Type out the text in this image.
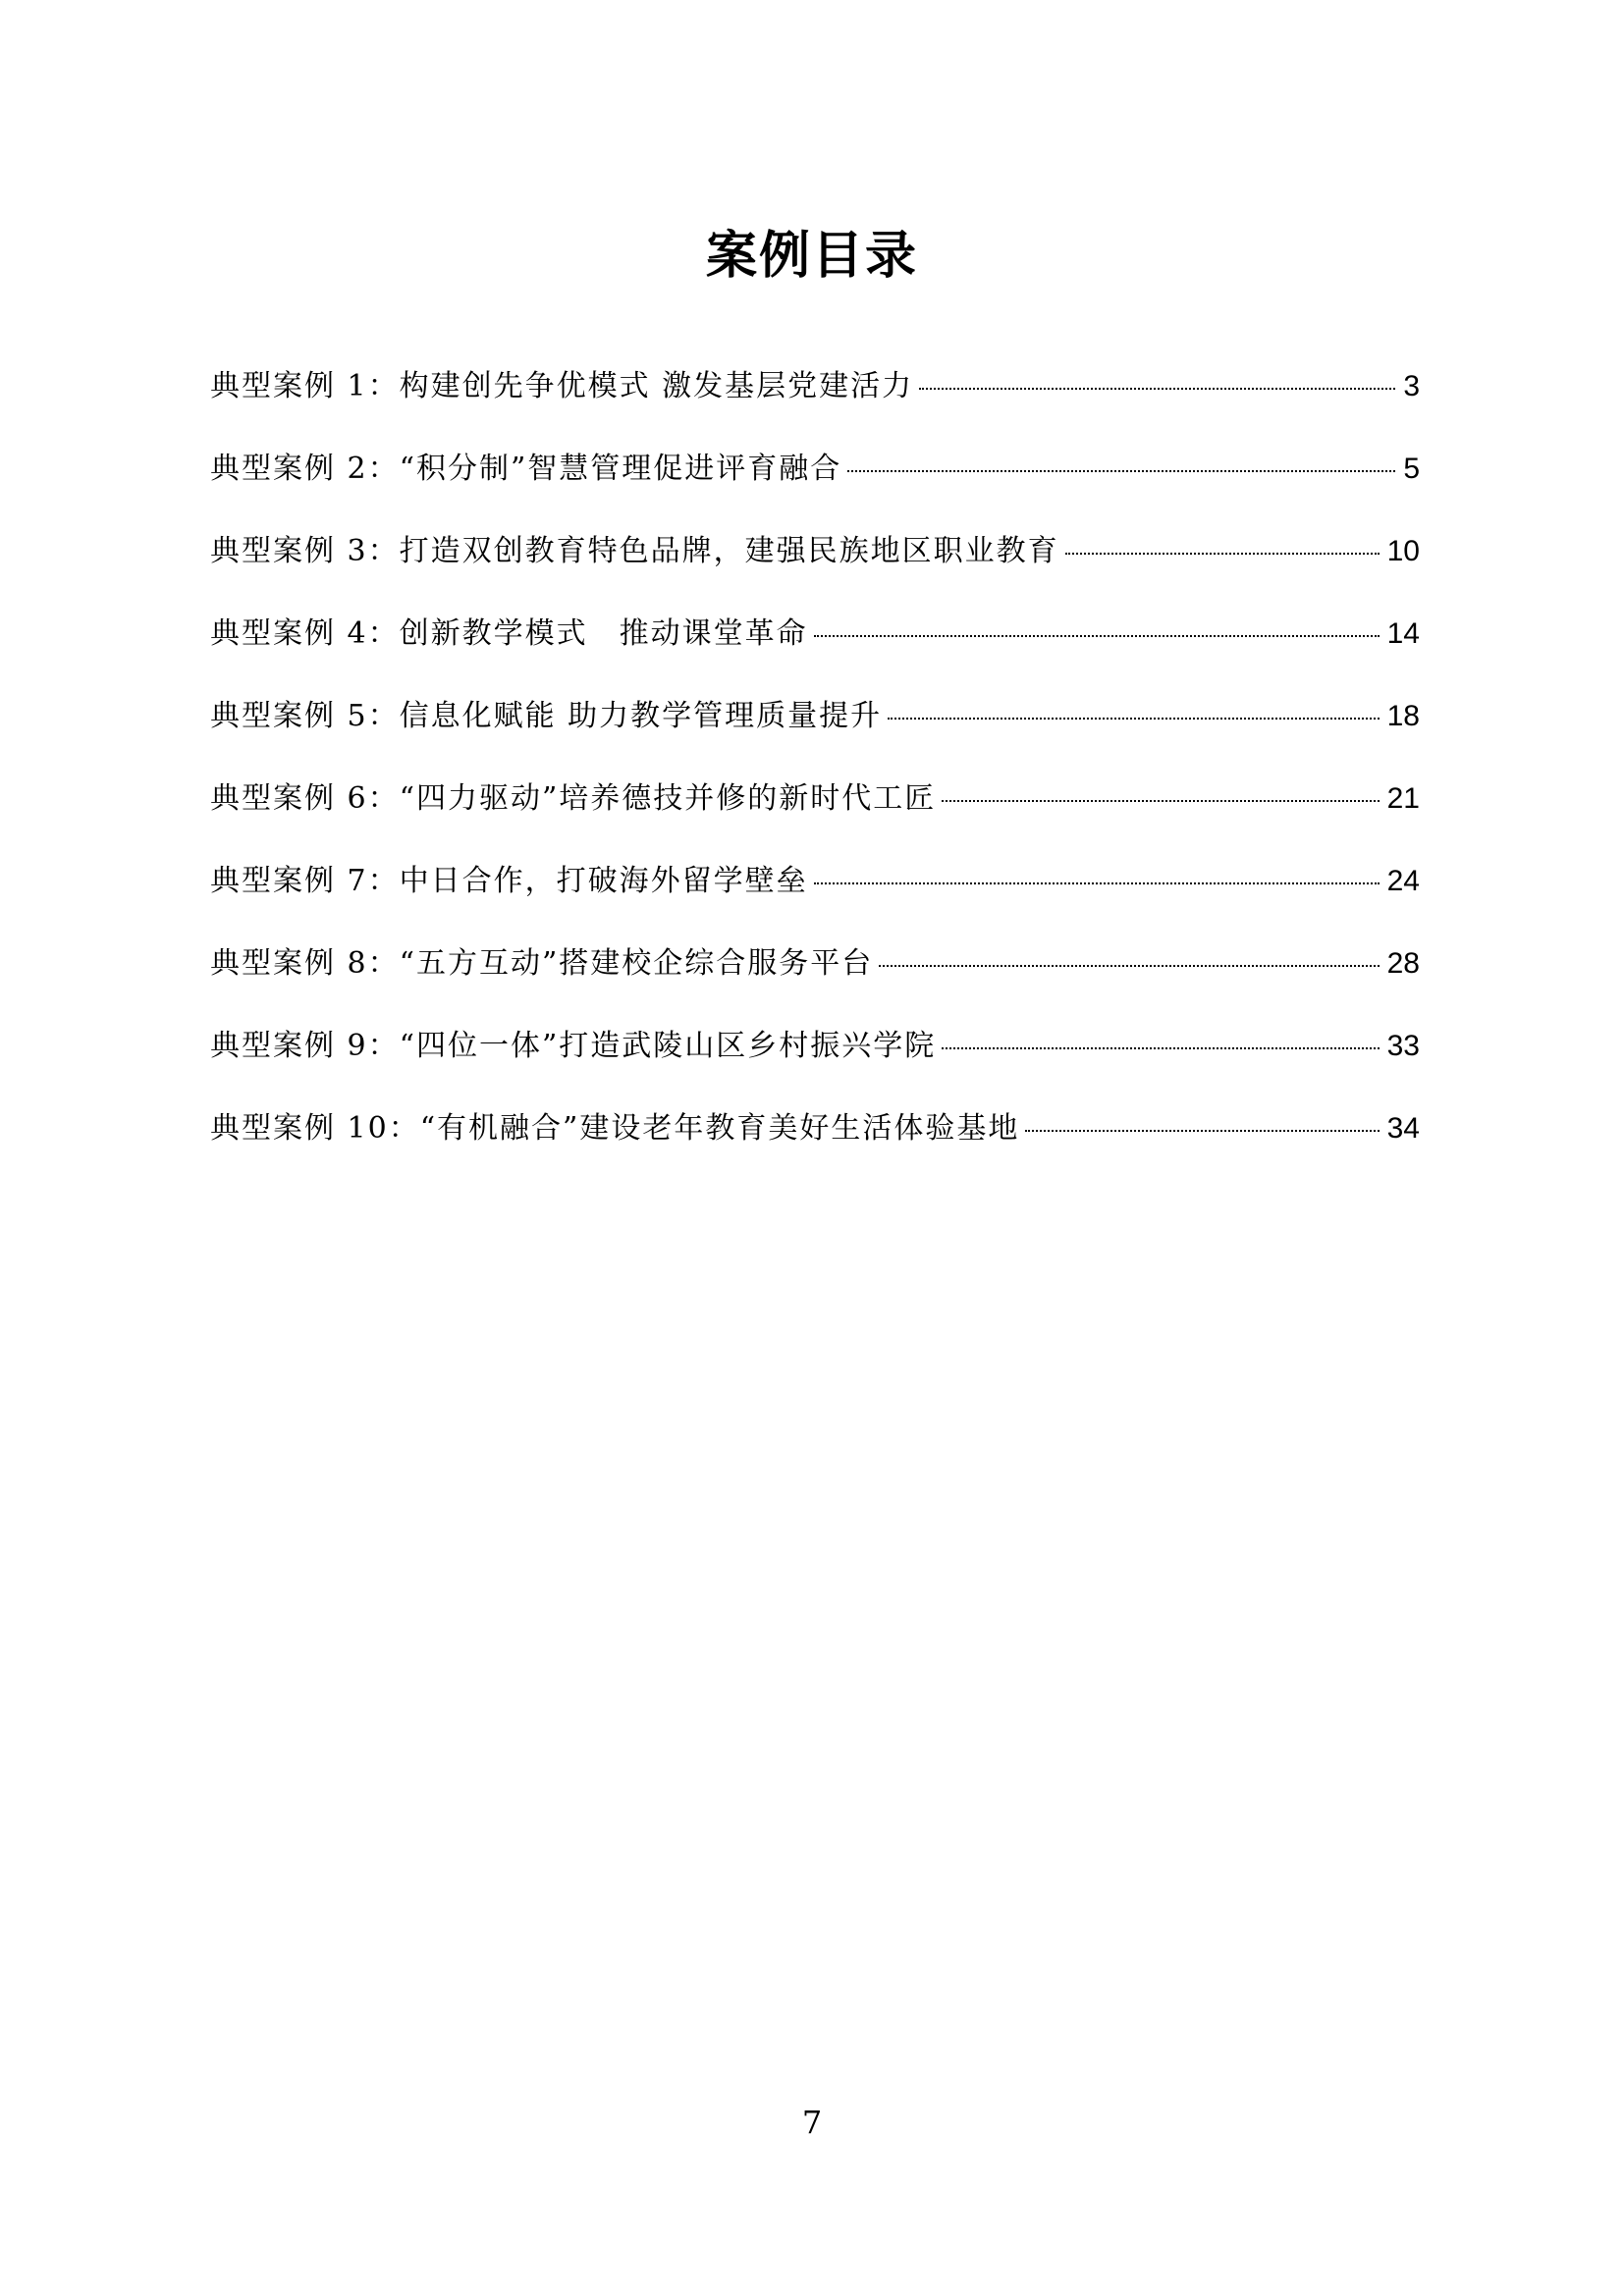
案例目录
典型案例 1：构建创先争优模式 激发基层党建活力	3
典型案例 2：“积分制”智慧管理促进评育融合	5
典型案例 3：打造双创教育特色品牌，建强民族地区职业教育	10
典型案例 4：创新教学模式　推动课堂革命	14
典型案例 5：信息化赋能 助力教学管理质量提升	18
典型案例 6：“四力驱动”培养德技并修的新时代工匠	21
典型案例 7：中日合作，打破海外留学壁垒	24
典型案例 8：“五方互动”搭建校企综合服务平台	28
典型案例 9：“四位一体”打造武陵山区乡村振兴学院	33
典型案例 10：“有机融合”建设老年教育美好生活体验基地	34
7
